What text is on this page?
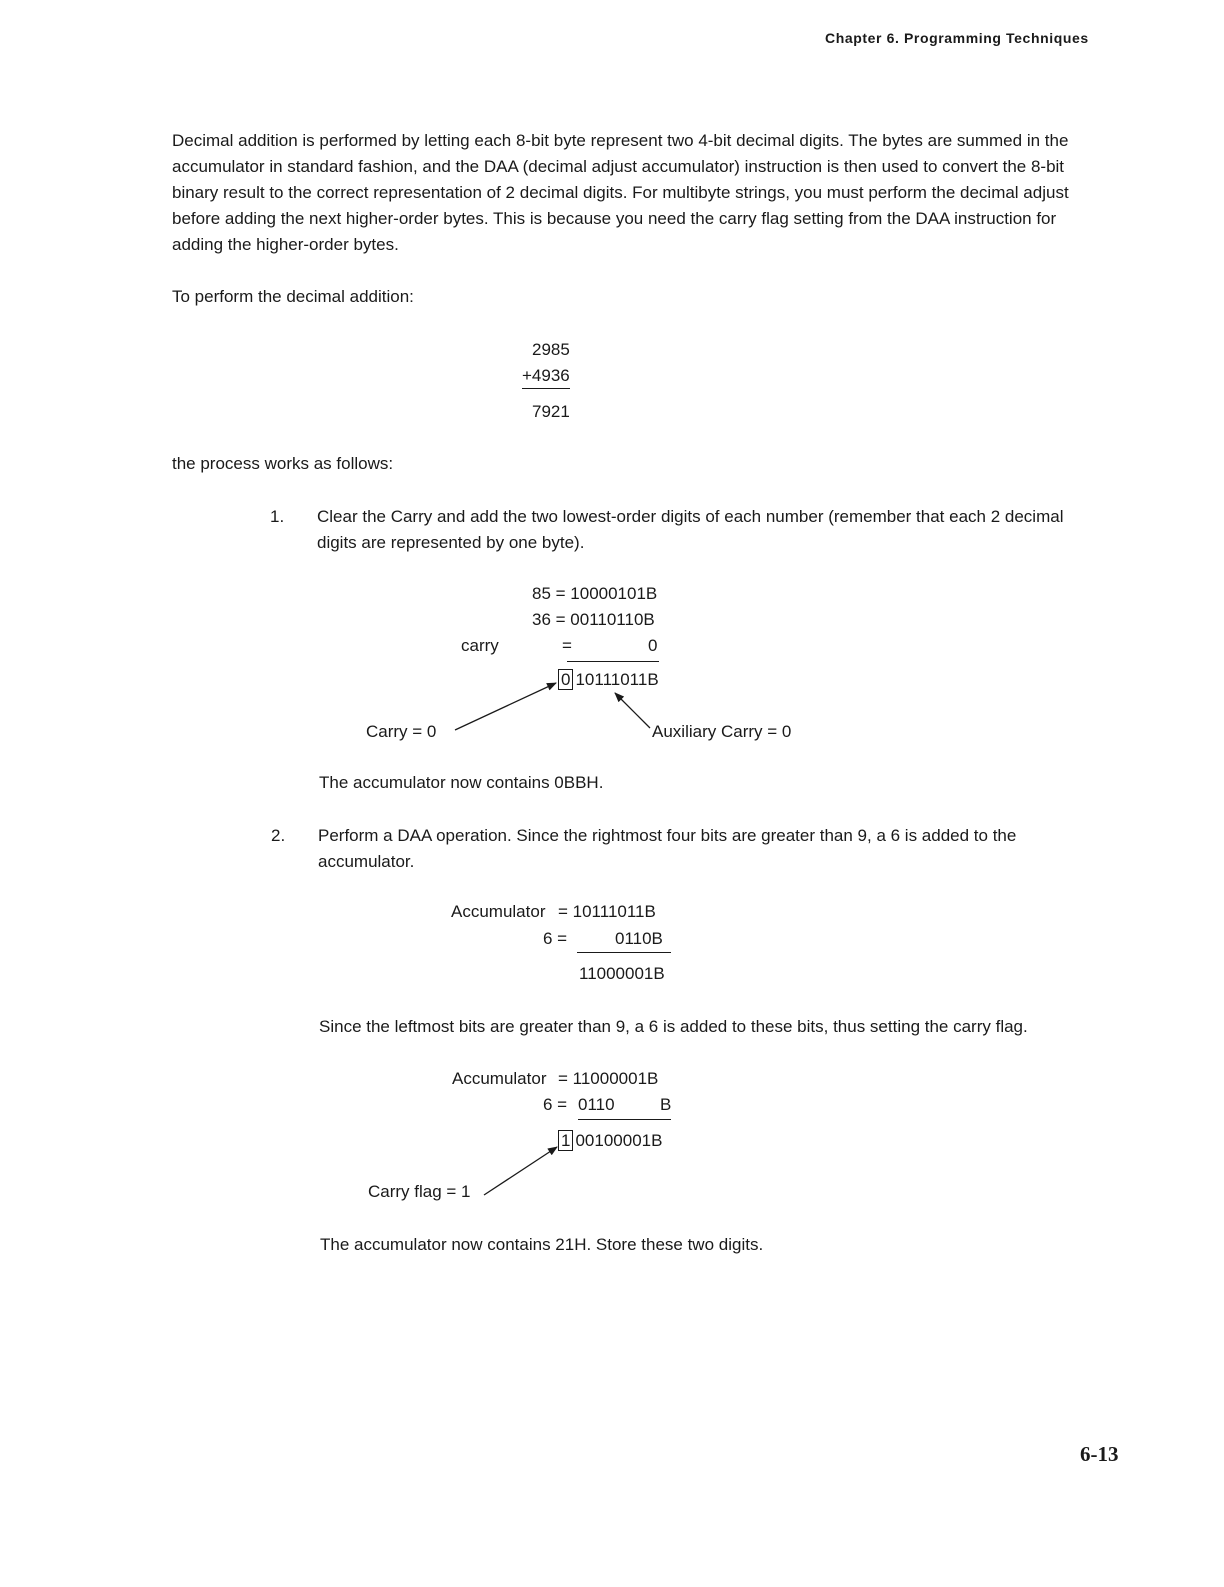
Chapter 6. Programming Techniques
Decimal addition is performed by letting each 8-bit byte represent two 4-bit decimal digits. The bytes are summed in the accumulator in standard fashion, and the DAA (decimal adjust accumulator) instruction is then used to convert the 8-bit binary result to the correct representation of 2 decimal digits. For multibyte strings, you must perform the decimal adjust before adding the next higher-order bytes. This is because you need the carry flag setting from the DAA instruction for adding the higher-order bytes.
To perform the decimal addition:
2985
+4936
7921
the process works as follows:
1. Clear the Carry and add the two lowest-order digits of each number (remember that each 2 decimal digits are represented by one byte).
85 = 10000101B
36 = 00110110B
carry	=	0
0 10111011B
Carry = 0	Auxiliary Carry = 0
The accumulator now contains 0BBH.
2. Perform a DAA operation. Since the rightmost four bits are greater than 9, a 6 is added to the accumulator.
Accumulator = 10111011B
6 =	0110B
11000001B
Since the leftmost bits are greater than 9, a 6 is added to these bits, thus setting the carry flag.
Accumulator = 11000001B
6 = 0110	B
1 00100001B
Carry flag = 1
The accumulator now contains 21H. Store these two digits.
6-13
